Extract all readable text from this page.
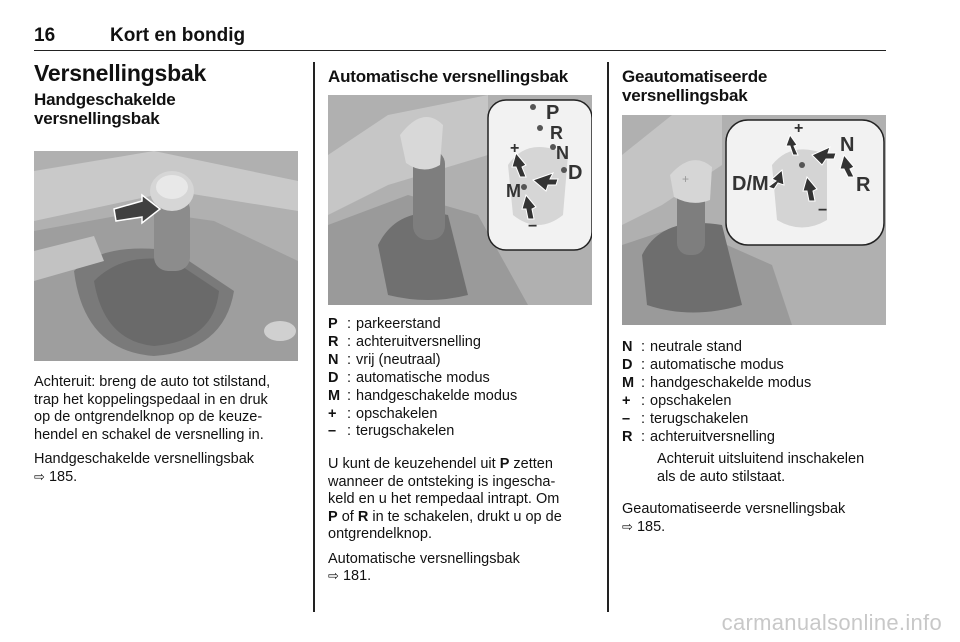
16	Kort en bondig
Versnellingsbak
Handgeschakelde
versnellingsbak

Achteruit: breng de auto tot stilstand,
trap het koppelingspedaal in en druk
op de ontgrendelknop op de keuze-
hendel en schakel de versnelling in.

Handgeschakelde versnellingsbak
⇨ 185.

Automatische versnellingsbak
P
R
N
D
M
+
−
P : parkeerstand
R : achteruitversnelling
N : vrij (neutraal)
D : automatische modus
M : handgeschakelde modus
+ : opschakelen
– : terugschakelen

U kunt de keuzehendel uit P zetten
wanneer de ontsteking is ingescha-
keld en u het rempedaal intrapt. Om
P of R in te schakelen, drukt u op de
ontgrendelknop.

Automatische versnellingsbak
⇨ 181.

Geautomatiseerde
versnellingsbak
D/M
N
R
+
−
+
N : neutrale stand
D : automatische modus
M : handgeschakelde modus
+ : opschakelen
– : terugschakelen
R : achteruitversnelling

Achteruit uitsluitend inschakelen
als de auto stilstaat.

Geautomatiseerde versnellingsbak
⇨ 185.

carmanualsonline.info
